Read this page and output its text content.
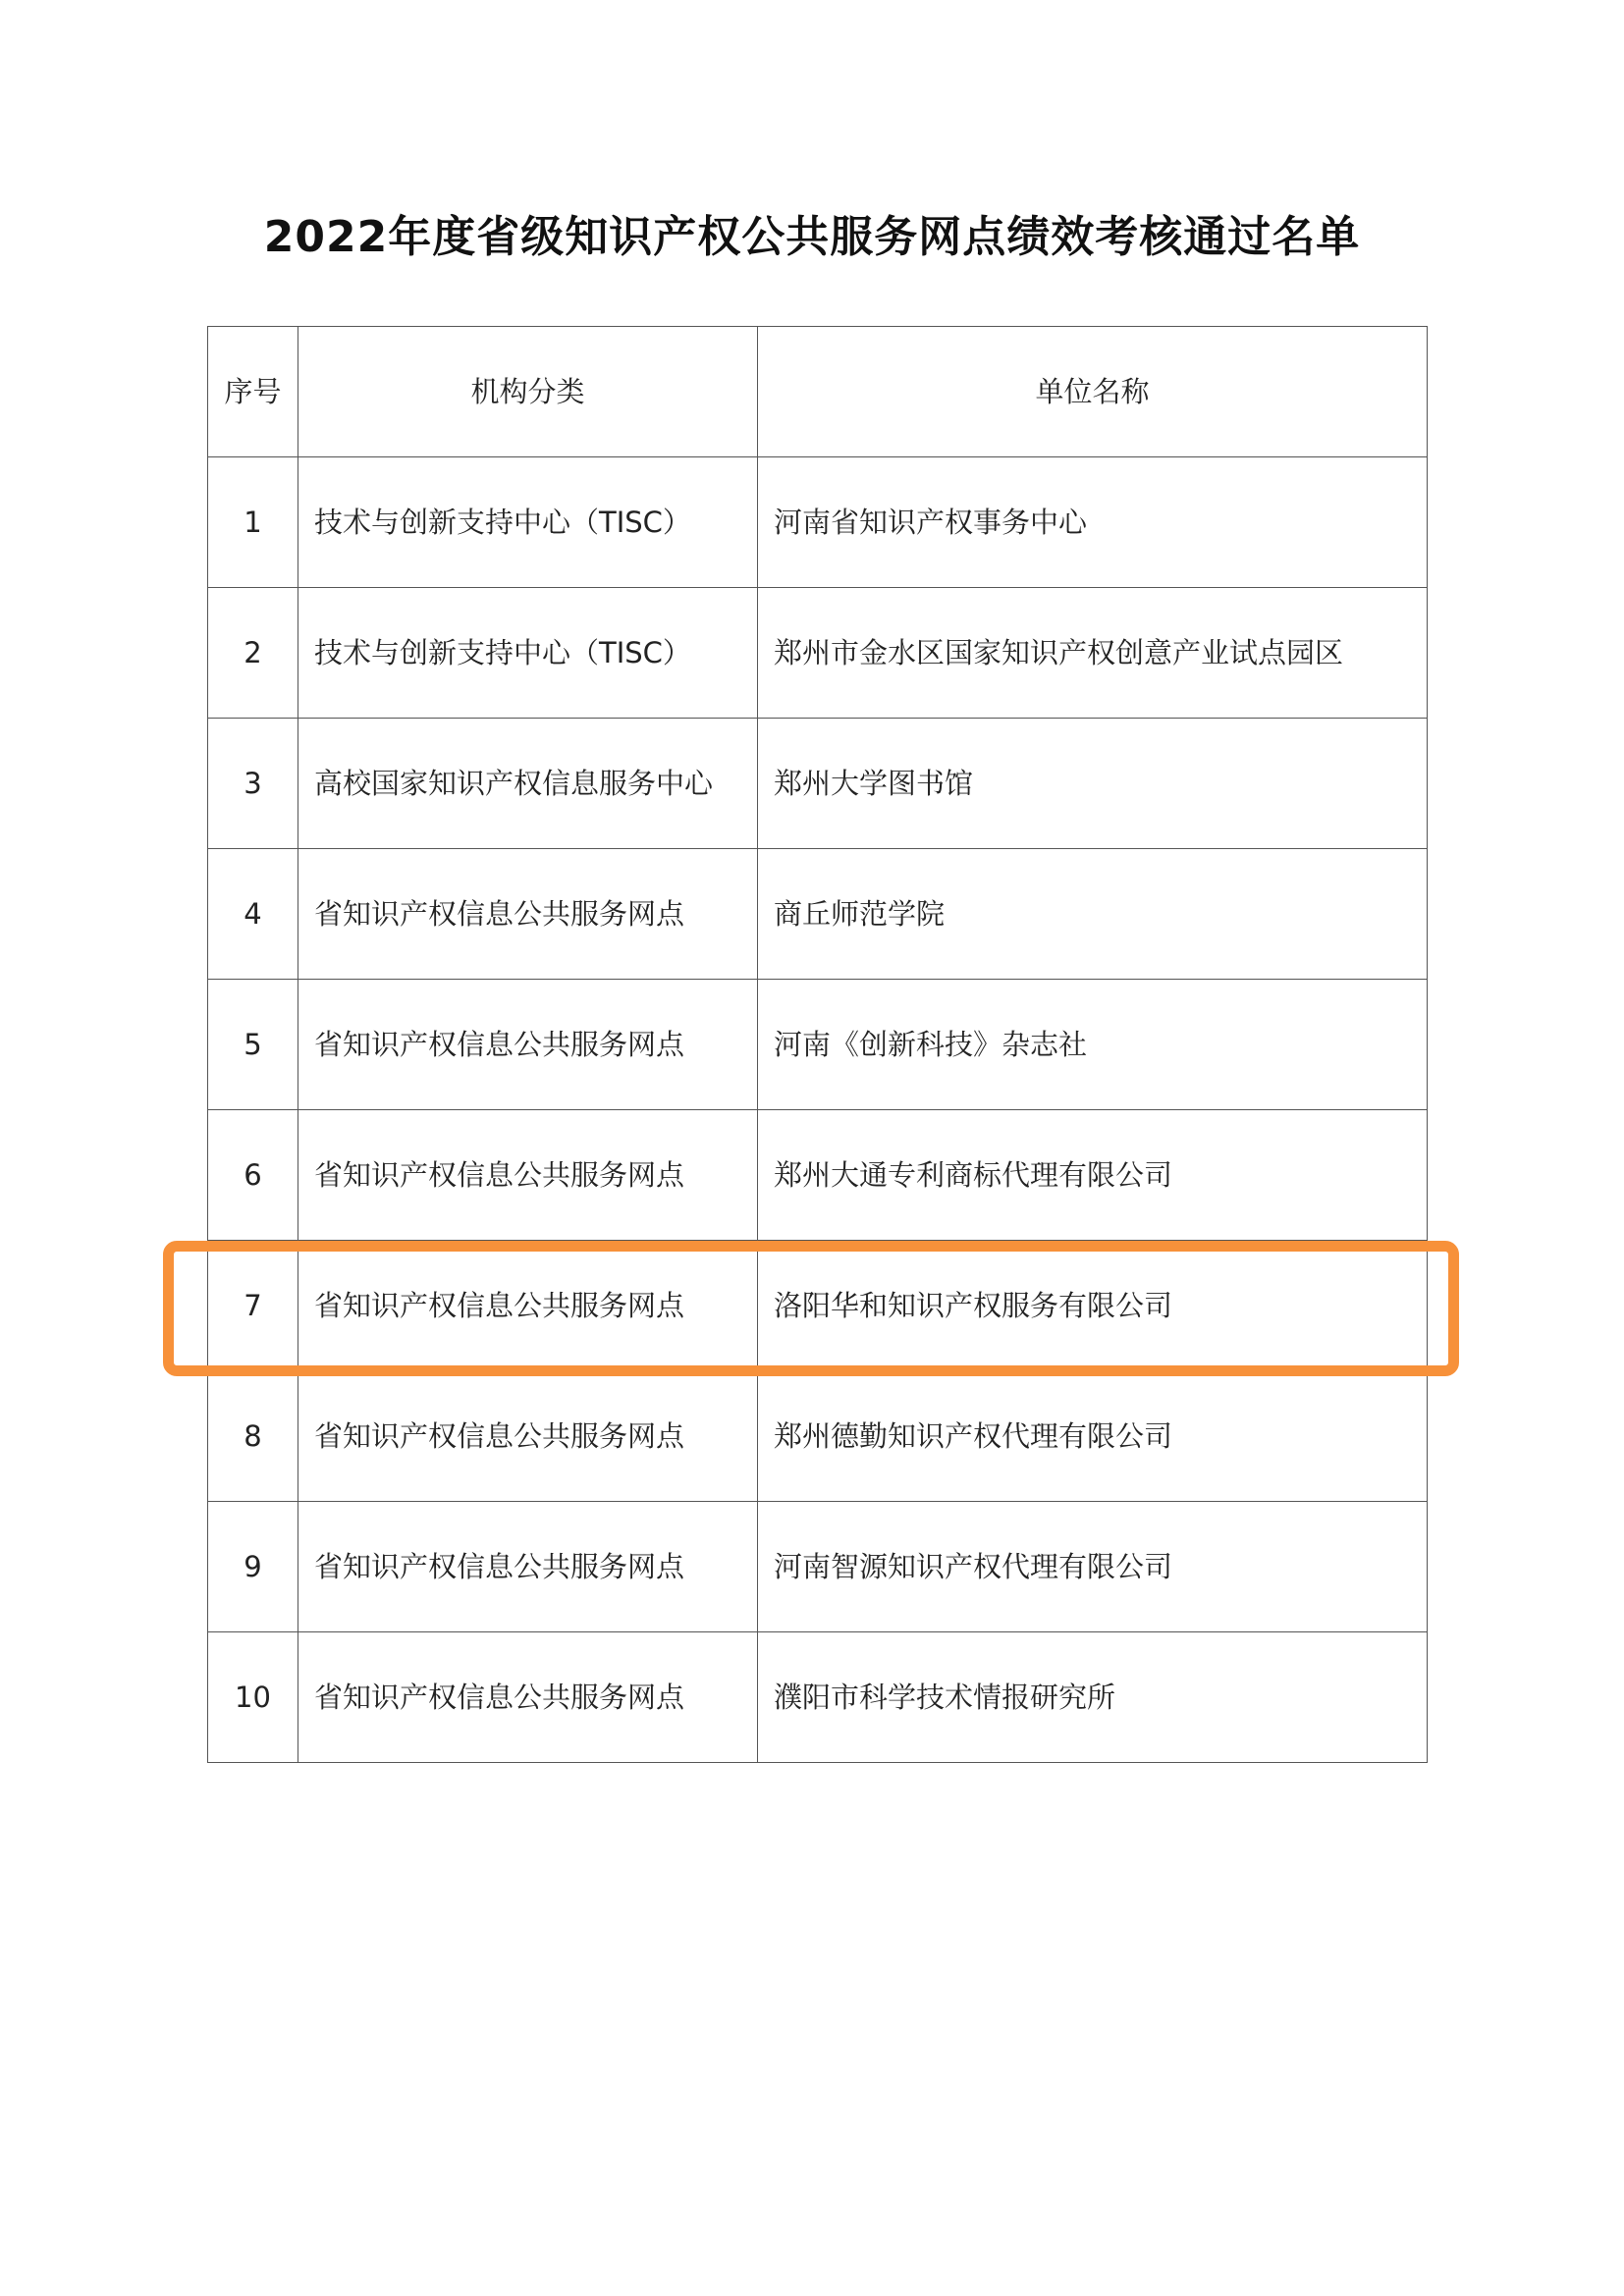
2022年度省级知识产权公共服务网点绩效考核通过名单
序号	机构分类	单位名称
1	技术与创新支持中心（TISC）	河南省知识产权事务中心
2	技术与创新支持中心（TISC）	郑州市金水区国家知识产权创意产业试点园区
3	高校国家知识产权信息服务中心	郑州大学图书馆
4	省知识产权信息公共服务网点	商丘师范学院
5	省知识产权信息公共服务网点	河南《创新科技》杂志社
6	省知识产权信息公共服务网点	郑州大通专利商标代理有限公司
7	省知识产权信息公共服务网点	洛阳华和知识产权服务有限公司
8	省知识产权信息公共服务网点	郑州德勤知识产权代理有限公司
9	省知识产权信息公共服务网点	河南智源知识产权代理有限公司
10	省知识产权信息公共服务网点	濮阳市科学技术情报研究所
